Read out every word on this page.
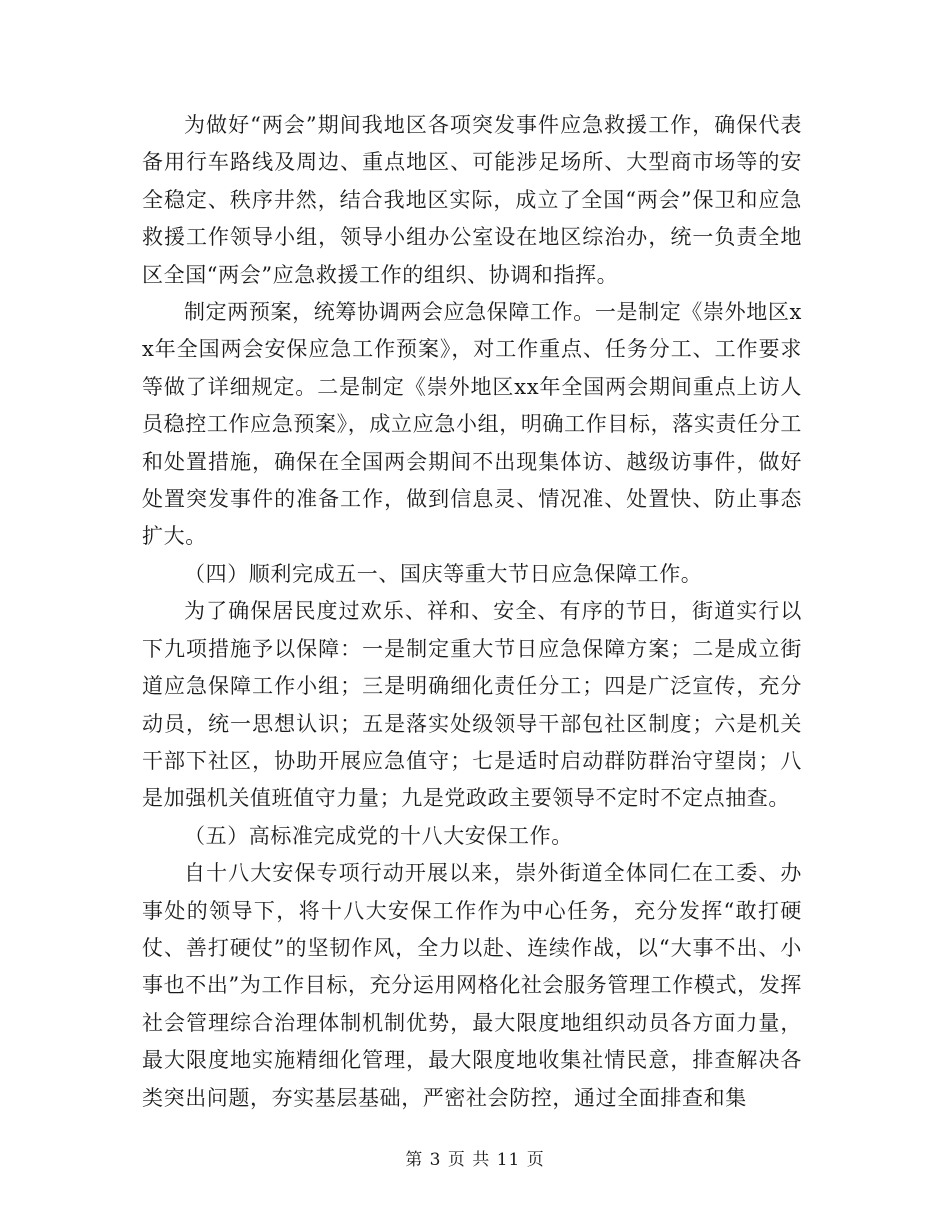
为做好“两会”期间我地区各项突发事件应急救援工作，确保代表备用行车路线及周边、重点地区、可能涉足场所、大型商市场等的安全稳定、秩序井然，结合我地区实际，成立了全国“两会”保卫和应急救援工作领导小组，领导小组办公室设在地区综治办，统一负责全地区全国“两会”应急救援工作的组织、协调和指挥。

制定两预案，统筹协调两会应急保障工作。一是制定《崇外地区xx年全国两会安保应急工作预案》，对工作重点、任务分工、工作要求等做了详细规定。二是制定《崇外地区xx年全国两会期间重点上访人员稳控工作应急预案》，成立应急小组，明确工作目标，落实责任分工和处置措施，确保在全国两会期间不出现集体访、越级访事件，做好处置突发事件的准备工作，做到信息灵、情况准、处置快、防止事态扩大。

（四）顺利完成五一、国庆等重大节日应急保障工作。

为了确保居民度过欢乐、祥和、安全、有序的节日，街道实行以下九项措施予以保障：一是制定重大节日应急保障方案；二是成立街道应急保障工作小组；三是明确细化责任分工；四是广泛宣传，充分动员，统一思想认识；五是落实处级领导干部包社区制度；六是机关干部下社区，协助开展应急值守；七是适时启动群防群治守望岗；八是加强机关值班值守力量；九是党政政主要领导不定时不定点抽查。

（五）高标准完成党的十八大安保工作。

自十八大安保专项行动开展以来，崇外街道全体同仁在工委、办事处的领导下，将十八大安保工作作为中心任务，充分发挥“敢打硬仗、善打硬仗”的坚韧作风，全力以赴、连续作战，以“大事不出、小事也不出”为工作目标，充分运用网格化社会服务管理工作模式，发挥社会管理综合治理体制机制优势，最大限度地组织动员各方面力量，最大限度地实施精细化管理，最大限度地收集社情民意，排查解决各类突出问题，夯实基层基础，严密社会防控，通过全面排查和集

第 3 页 共 11 页
